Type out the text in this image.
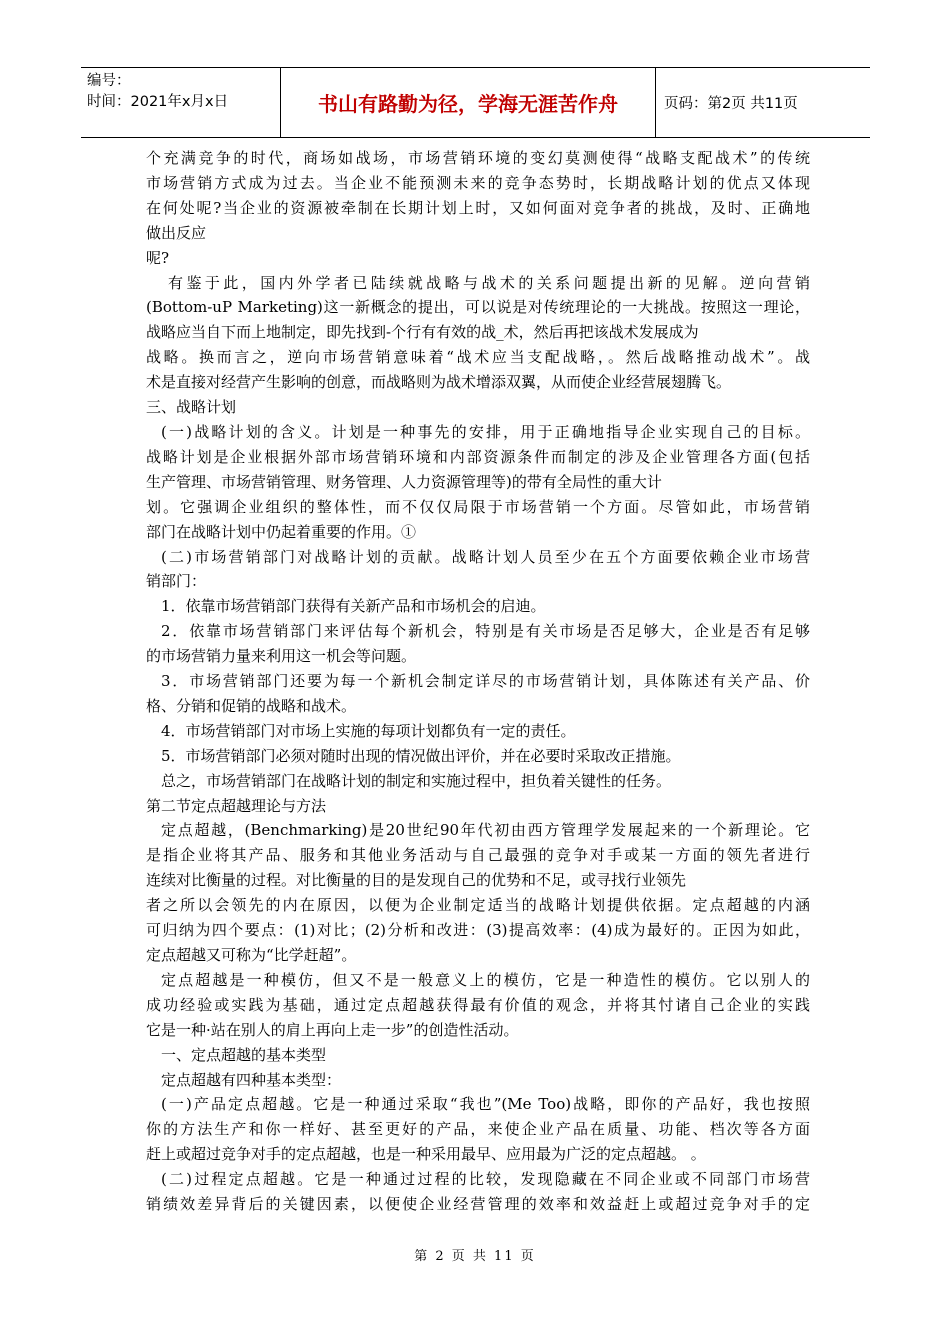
编号：
时间：2021年x月x日	书山有路勤为径，学海无涯苦作舟	页码：第2页 共11页
个充满竞争的时代，商场如战场，市场营销环境的变幻莫测使得“战略支配战术”的传统
市场营销方式成为过去。当企业不能预测未来的竞争态势时，长期战略计划的优点又体现
在何处呢?当企业的资源被牵制在长期计划上时，又如何面对竞争者的挑战，及时、正确地
做出反应
呢?
有鉴于此，国内外学者已陆续就战略与战术的关系问题提出新的见解。逆向营销
(Bottom-uP Marketing)这一新概念的提出，可以说是对传统理论的一大挑战。按照这一理论，
战略应当自下而上地制定，即先找到-个行有有效的战_术，然后再把该战术发展成为
战略。换而言之，逆向市场营销意味着“战术应当支配战略，。然后战略推动战术”。战
术是直接对经营产生影响的创意，而战略则为战术增添双翼，从而使企业经营展翅腾飞。
三、战略计划
(一)战略计划的含义。计划是一种事先的安排，用于正确地指导企业实现自己的目标。
战略计划是企业根据外部市场营销环境和内部资源条件而制定的涉及企业管理各方面(包括
生产管理、市场营销管理、财务管理、人力资源管理等)的带有全局性的重大计
划。它强调企业组织的整体性，而不仅仅局限于市场营销一个方面。尽管如此，市场营销
部门在战略计划中仍起着重要的作用。①
(二)市场营销部门对战略计划的贡献。战略计划人员至少在五个方面要依赖企业市场营
销部门：
1．依靠市场营销部门获得有关新产品和市场机会的启迪。
2．依靠市场营销部门来评估每个新机会，特别是有关市场是否足够大，企业是否有足够
的市场营销力量来利用这一机会等问题。
3．市场营销部门还要为每一个新机会制定详尽的市场营销计划，具体陈述有关产品、价
格、分销和促销的战略和战术。
4．市场营销部门对市场上实施的每项计划都负有一定的责任。
5．市场营销部门必须对随时出现的情况做出评价，并在必要时采取改正措施。
总之，市场营销部门在战略计划的制定和实施过程中，担负着关键性的任务。
第二节定点超越理论与方法
定点超越，(Benchmarking)是20世纪90年代初由西方管理学发展起来的一个新理论。它
是指企业将其产品、服务和其他业务活动与自己最强的竞争对手或某一方面的领先者进行
连续对比衡量的过程。对比衡量的目的是发现自己的优势和不足，或寻找行业领先
者之所以会领先的内在原因，以便为企业制定适当的战略计划提供依据。定点超越的内涵
可归纳为四个要点：(1)对比；(2)分析和改进：(3)提高效率：(4)成为最好的。正因为如此，
定点超越又可称为“比学赶超”。
定点超越是一种模仿，但又不是一般意义上的模仿，它是一种造性的模仿。它以别人的
成功经验或实践为基础，通过定点超越获得最有价值的观念，并将其忖诸自己企业的实践
它是一种·站在别人的肩上再向上走一步”的创造性活动。
一、定点超越的基本类型
定点超越有四种基本类型：
(一)产品定点超越。它是一种通过采取“我也”(Me Too)战略，即你的产品好，我也按照
你的方法生产和你一样好、甚至更好的产品，来使企业产品在质量、功能、档次等各方面
赶上或超过竞争对手的定点超越，也是一种采用最早、应用最为广泛的定点超越。 。
(二)过程定点超越。它是一种通过过程的比较，发现隐藏在不同企业或不同部门市场营
销绩效差异背后的关键因素，以便使企业经营管理的效率和效益赶上或超过竞争对手的定
第 2 页 共 11 页
